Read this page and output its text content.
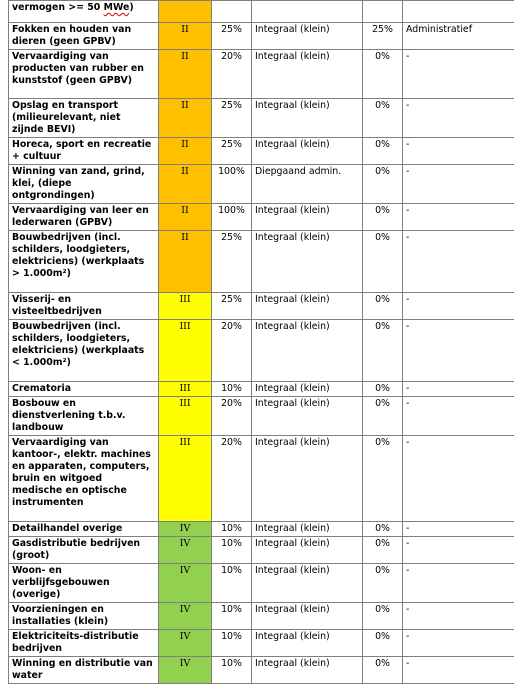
vermogen >= 50 MWe)					
Fokken en houden van dieren (geen GPBV)	II	25%	Integraal (klein)	25%	Administratief
Vervaardiging van producten van rubber en kunststof (geen GPBV)	II	20%	Integraal (klein)	0%	-
Opslag en transport (milieurelevant, niet zijnde BEVI)	II	25%	Integraal (klein)	0%	-
Horeca, sport en recreatie + cultuur	II	25%	Integraal (klein)	0%	-
Winning van zand, grind, klei, (diepe ontgrondingen)	II	100%	Diepgaand admin.	0%	-
Vervaardiging van leer en lederwaren (GPBV)	II	100%	Integraal (klein)	0%	-
Bouwbedrijven (incl. schilders, loodgieters, elektriciens) (werkplaats > 1.000m²)	II	25%	Integraal (klein)	0%	-
Visserij- en visteeltbedrijven	III	25%	Integraal (klein)	0%	-
Bouwbedrijven (incl. schilders, loodgieters, elektriciens) (werkplaats < 1.000m²)	III	20%	Integraal (klein)	0%	-
Crematoria	III	10%	Integraal (klein)	0%	-
Bosbouw en dienstverlening t.b.v. landbouw	III	20%	Integraal (klein)	0%	-
Vervaardiging van kantoor-, elektr. machines en apparaten, computers, bruin en witgoed medische en optische instrumenten	III	20%	Integraal (klein)	0%	-
Detailhandel overige	IV	10%	Integraal (klein)	0%	-
Gasdistributie bedrijven (groot)	IV	10%	Integraal (klein)	0%	-
Woon- en verblijfsgebouwen (overige)	IV	10%	Integraal (klein)	0%	-
Voorzieningen en installaties (klein)	IV	10%	Integraal (klein)	0%	-
Elektriciteits-distributie bedrijven	IV	10%	Integraal (klein)	0%	-
Winning en distributie van water	IV	10%	Integraal (klein)	0%	-
